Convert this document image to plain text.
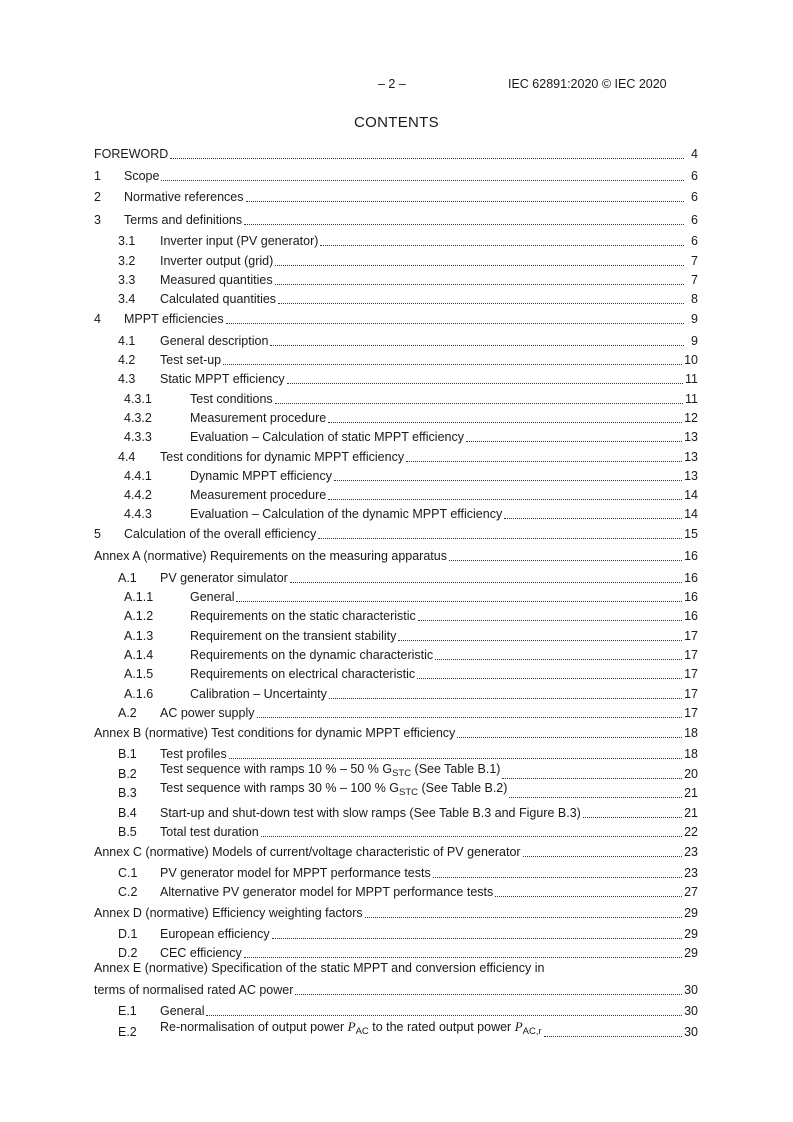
– 2 –	IEC 62891:2020 © IEC 2020
CONTENTS
FOREWORD	4
1	Scope	6
2	Normative references	6
3	Terms and definitions	6
3.1	Inverter input (PV generator)	6
3.2	Inverter output (grid)	7
3.3	Measured quantities	7
3.4	Calculated quantities	8
4	MPPT efficiencies	9
4.1	General description	9
4.2	Test set-up	10
4.3	Static MPPT efficiency	11
4.3.1	Test conditions	11
4.3.2	Measurement procedure	12
4.3.3	Evaluation – Calculation of static MPPT efficiency	13
4.4	Test conditions for dynamic MPPT efficiency	13
4.4.1	Dynamic MPPT efficiency	13
4.4.2	Measurement procedure	14
4.4.3	Evaluation – Calculation of the dynamic MPPT efficiency	14
5	Calculation of the overall efficiency	15
Annex A (normative) Requirements on the measuring apparatus	16
A.1	PV generator simulator	16
A.1.1	General	16
A.1.2	Requirements on the static characteristic	16
A.1.3	Requirement on the transient stability	17
A.1.4	Requirements on the dynamic characteristic	17
A.1.5	Requirements on electrical characteristic	17
A.1.6	Calibration – Uncertainty	17
A.2	AC power supply	17
Annex B (normative) Test conditions for dynamic MPPT efficiency	18
B.1	Test profiles	18
B.2	Test sequence with ramps 10 % – 50 % $G_{STC}$ (See Table B.1)	20
B.3	Test sequence with ramps 30 % – 100 % $G_{STC}$ (See Table B.2)	21
B.4	Start-up and shut-down test with slow ramps (See Table B.3 and Figure B.3)	21
B.5	Total test duration	22
Annex C (normative) Models of current/voltage characteristic of PV generator	23
C.1	PV generator model for MPPT performance tests	23
C.2	Alternative PV generator model for MPPT performance tests	27
Annex D (normative) Efficiency weighting factors	29
D.1	European efficiency	29
D.2	CEC efficiency	29
Annex E (normative) Specification of the static MPPT and conversion efficiency in
terms of normalised rated AC power	30
E.1	General	30
E.2	Re-normalisation of output power $P_{AC}$ to the rated output power $P_{AC,r}$	30
